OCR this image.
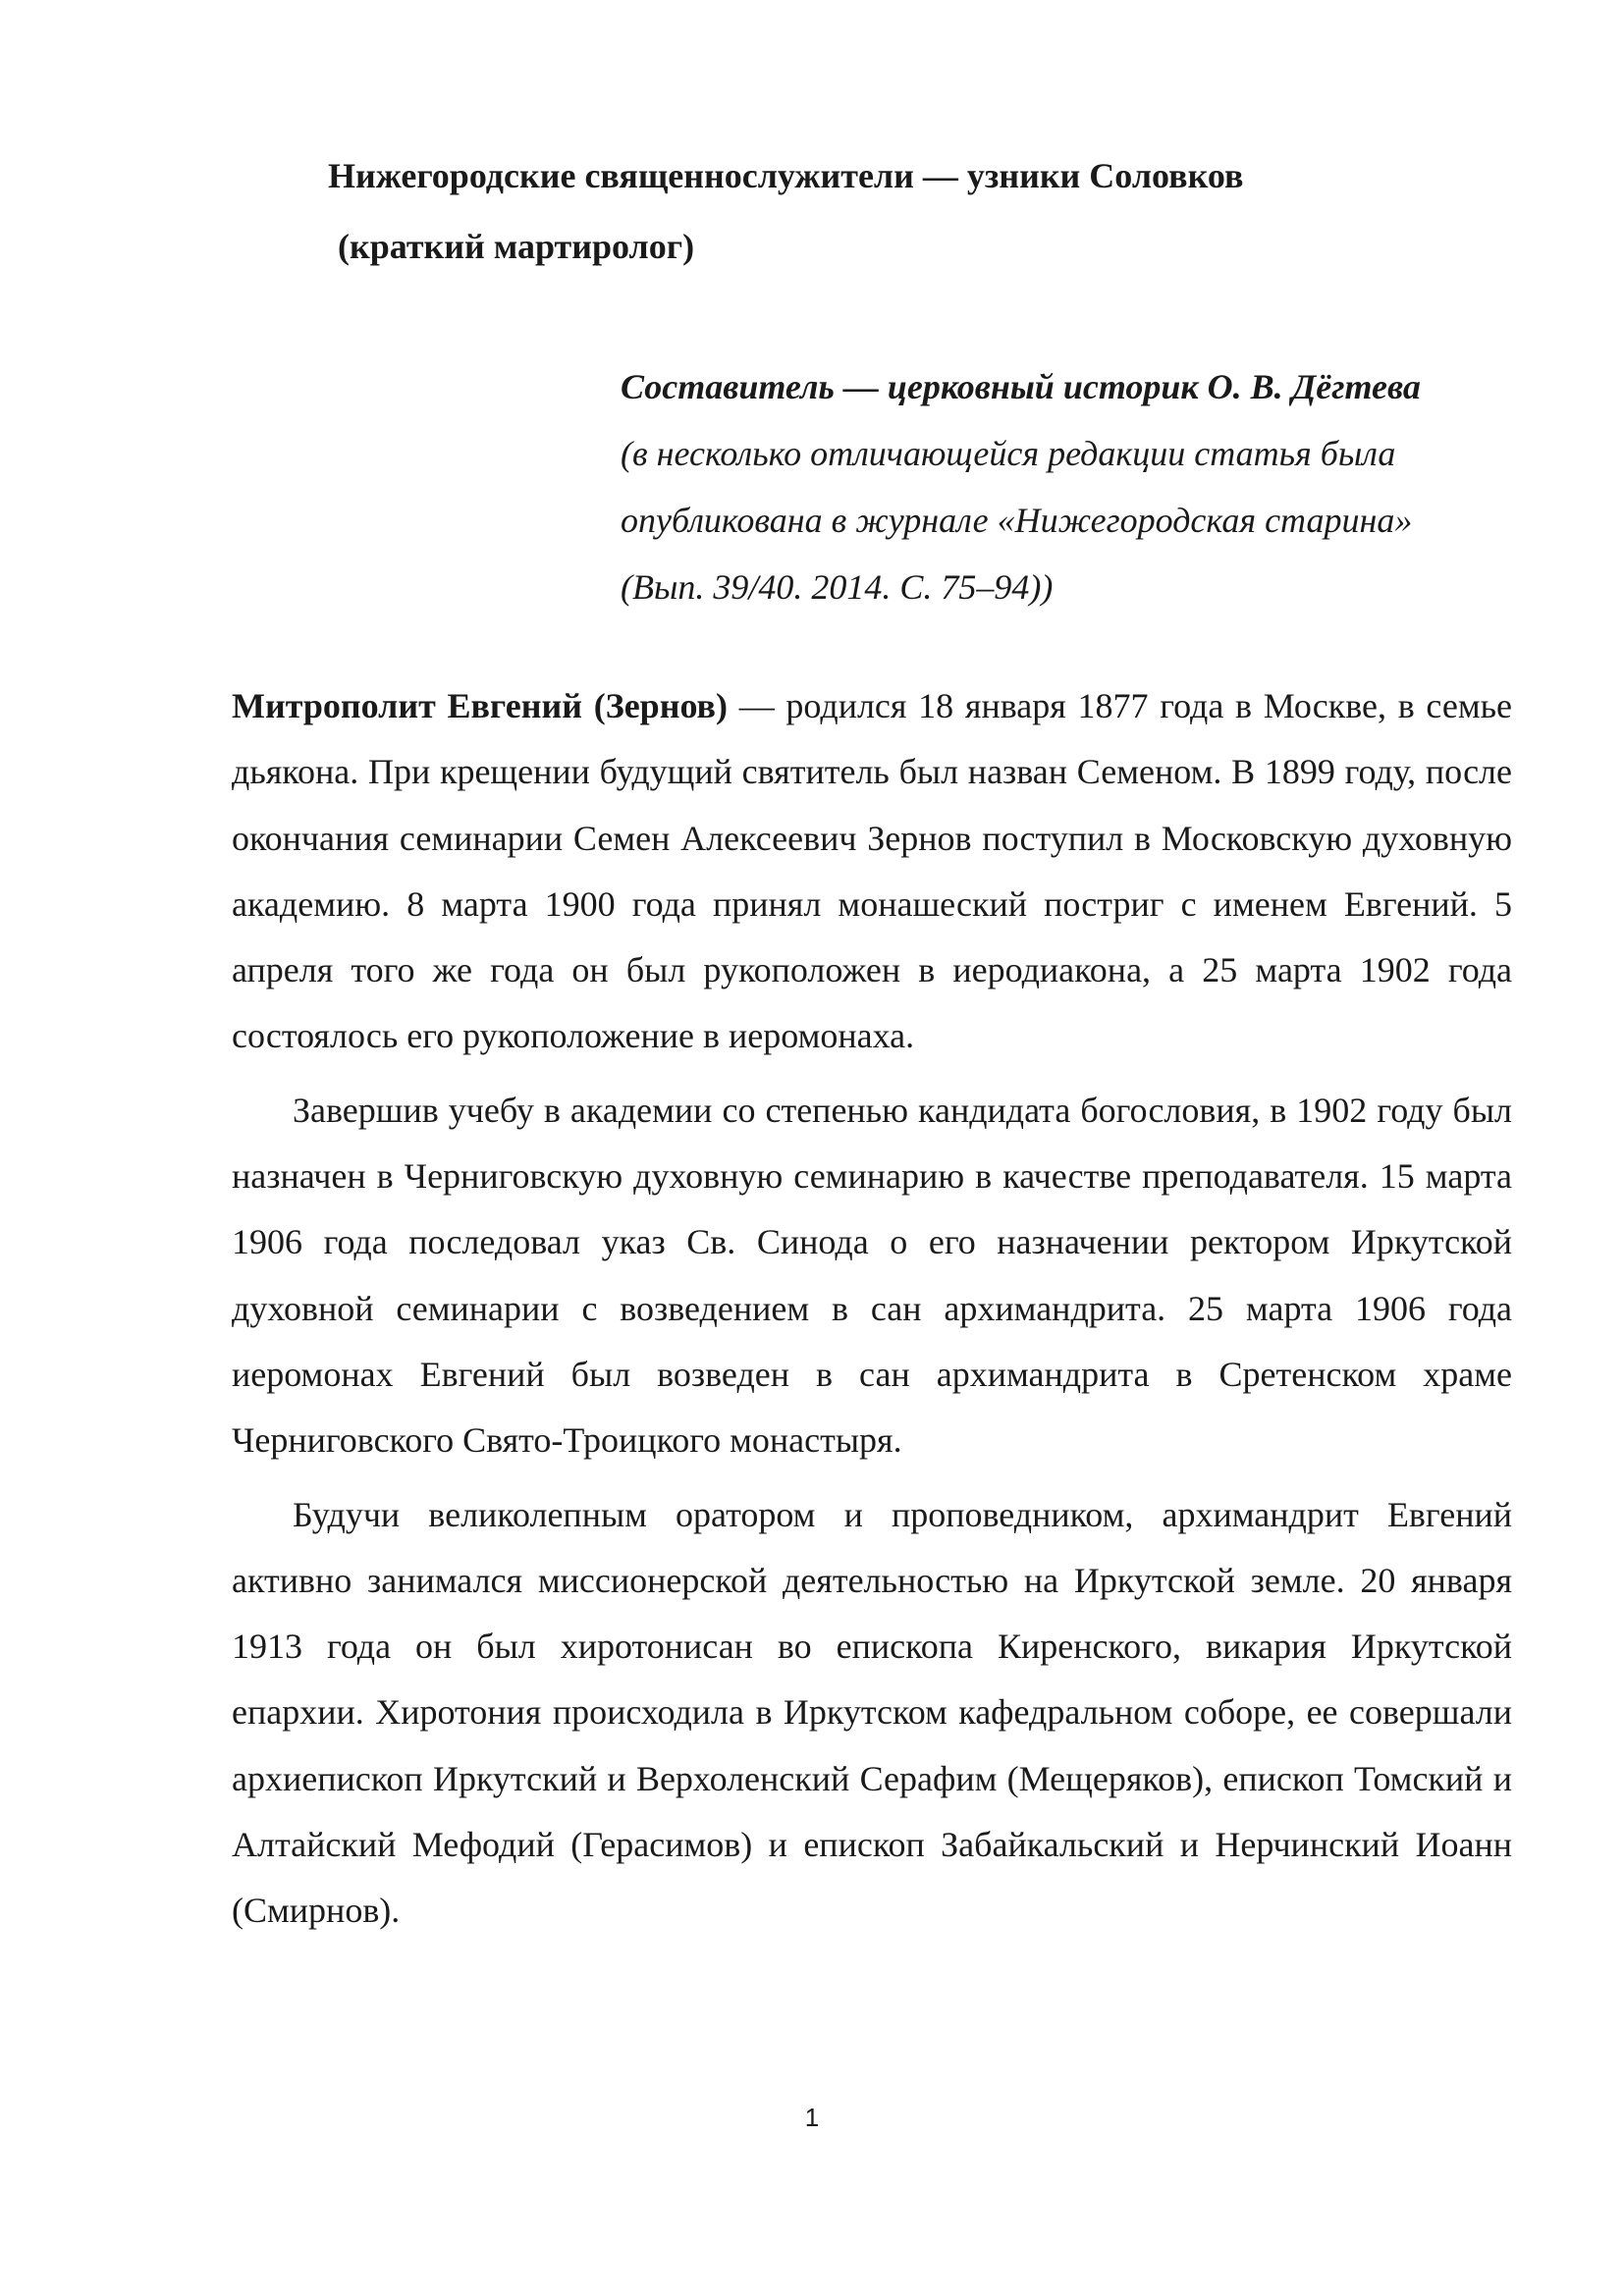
Нижегородские священнослужители — узники Соловков
(краткий мартиролог)
Составитель — церковный историк О. В. Дёгтева
(в несколько отличающейся редакции статья была
опубликована в журнале «Нижегородская старина»
(Вып. 39/40. 2014. С. 75–94))

Митрополит Евгений (Зернов) — родился 18 января 1877 года в Москве, в семье дьякона. При крещении будущий святитель был назван Семеном. В 1899 году, после окончания семинарии Семен Алексеевич Зернов поступил в Московскую духовную академию. 8 марта 1900 года принял монашеский постриг с именем Евгений. 5 апреля того же года он был рукоположен в иеродиакона, а 25 марта 1902 года состоялось его рукоположение в иеромонаха.

Завершив учебу в академии со степенью кандидата богословия, в 1902 году был назначен в Черниговскую духовную семинарию в качестве преподавателя. 15 марта 1906 года последовал указ Св. Синода о его назначении ректором Иркутской духовной семинарии с возведением в сан архимандрита. 25 марта 1906 года иеромонах Евгений был возведен в сан архимандрита в Сретенском храме Черниговского Свято-Троицкого монастыря.

Будучи великолепным оратором и проповедником, архимандрит Евгений активно занимался миссионерской деятельностью на Иркутской земле. 20 января 1913 года он был хиротонисан во епископа Киренского, викария Иркутской епархии. Хиротония происходила в Иркутском кафедральном соборе, ее совершали архиепископ Иркутский и Верхоленский Серафим (Мещеряков), епископ Томский и Алтайский Мефодий (Герасимов) и епископ Забайкальский и Нерчинский Иоанн (Смирнов).

1
